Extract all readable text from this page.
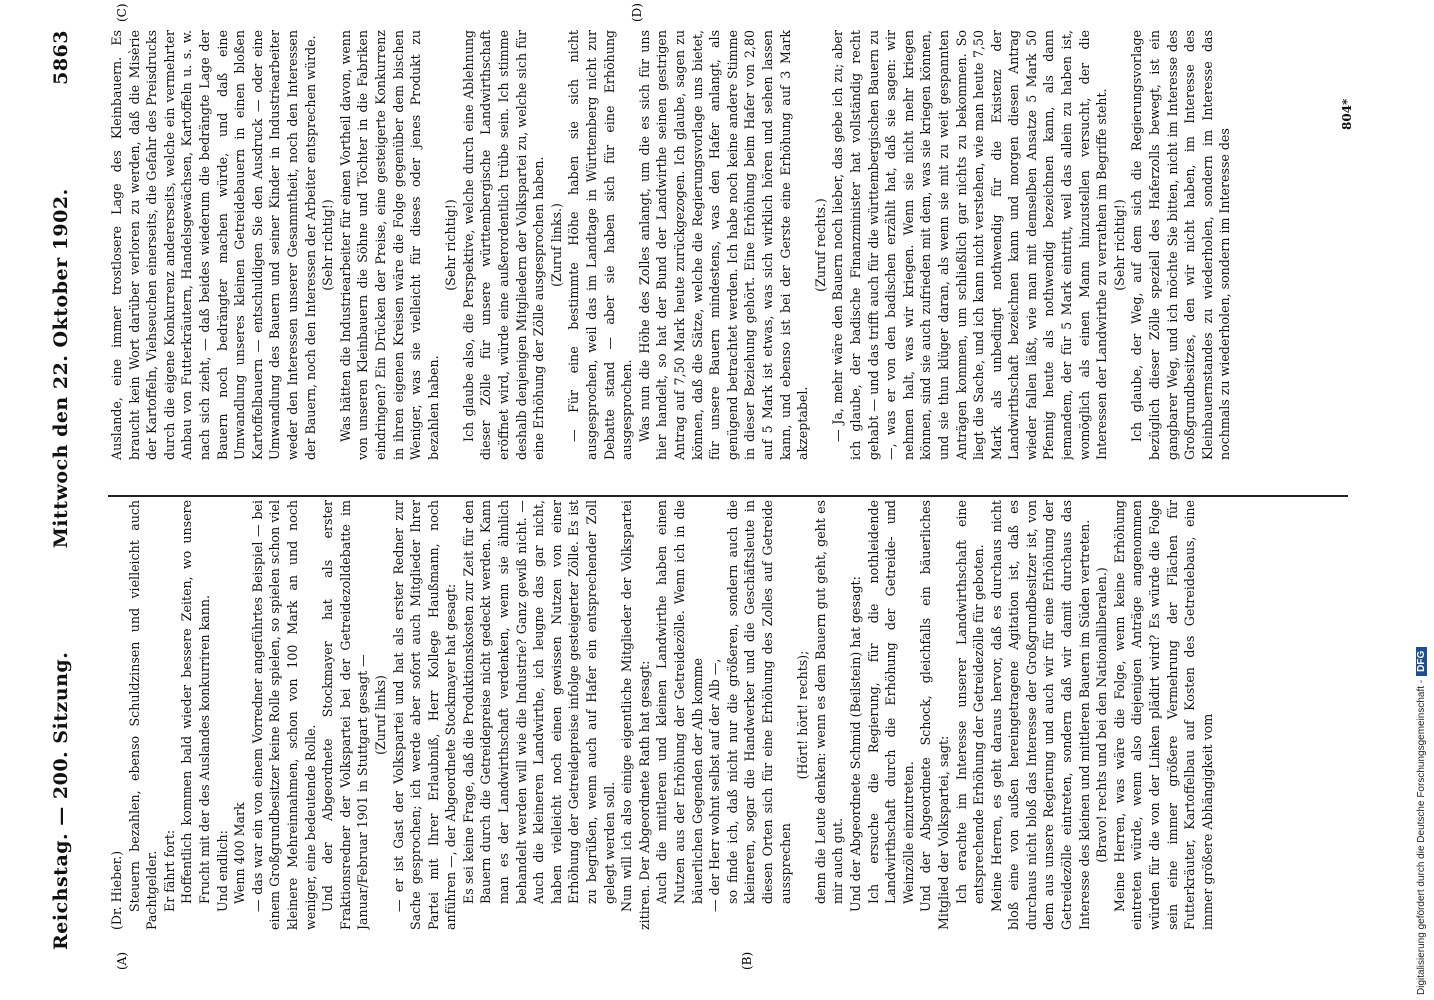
Reichstag. — 200. Sitzung.
Mittwoch den 22. Oktober 1902.
5863
(A)	(B)
(C)	(D)

(Dr. Hieber.) Steuern bezahlen, ebenso Schuldzinsen und vielleicht auch Pachtgelder. Er fährt fort: Hoffentlich kommen bald wieder bessere Zeiten, wo unsere Frucht mit der des Auslandes konkurriren kann. Und endlich: Wenn 400 Mark — das war ein von einem Vorredner angeführtes Beispiel — bei einem Großgrundbesitzer keine Rolle spielen, so spielen schon viel kleinere Mehreinnahmen, schon von 100 Mark an und noch weniger, eine bedeutende Rolle. Und der Abgeordnete Stockmayer hat als erster Fraktionsredner der Volkspartei bei der Getreidezolldebatte im Januar/Februar 1901 in Stuttgart gesagt — (Zuruf links) — er ist Gast der Volkspartei und hat als erster Redner zur Sache gesprochen; ich werde aber sofort auch Mitglieder Ihrer Partei mit Ihrer Erlaubniß, Herr Kollege Haußmann, noch anführen —, der Abgeordnete Stockmayer hat gesagt: Es sei keine Frage, daß die Produktionskosten zur Zeit für den Bauern durch die Getreidepreise nicht gedeckt werden. Kann man es der Landwirthschaft verdenken, wenn sie ähnlich behandelt werden will wie die Industrie? Ganz gewiß nicht. — Auch die kleineren Landwirthe, ich leugne das gar nicht, haben vielleicht noch einen gewissen Nutzen von einer Erhöhung der Getreidepreise infolge gesteigerter Zölle. Es ist zu begrüßen, wenn auch auf Hafer ein entsprechender Zoll gelegt werden soll. Nun will ich also einige eigentliche Mitglieder der Volkspartei zitiren. Der Abgeordnete Rath hat gesagt: Auch die mittleren und kleinen Landwirthe haben einen Nutzen aus der Erhöhung der Getreidezölle. Wenn ich in die bäuerlichen Gegenden der Alb komme — der Herr wohnt selbst auf der Alb —, so finde ich, daß nicht nur die größeren, sondern auch die kleineren, sogar die Handwerker und die Geschäftsleute in diesen Orten sich für eine Erhöhung des Zolles auf Getreide aussprechen

(Hört! hört! rechts); denn die Leute denken: wenn es dem Bauern gut geht, geht es mir auch gut. Und der Abgeordnete Schmid (Beilstein) hat gesagt: Ich ersuche die Regierung, für die nothleidende Landwirthschaft durch die Erhöhung der Getreide- und Weinzölle einzutreten. Und der Abgeordnete Schock, gleichfalls ein bäuerliches Mitglied der Volkspartei, sagt: Ich erachte im Interesse unserer Landwirthschaft eine entsprechende Erhöhung der Getreidezölle für geboten. Meine Herren, es geht daraus hervor, daß es durchaus nicht bloß eine von außen hereingetragene Agitation ist, daß es durchaus nicht bloß das Interesse der Großgrundbesitzer ist, von dem aus unsere Regierung und auch wir für eine Erhöhung der Getreidezölle eintreten, sondern daß wir damit durchaus das Interesse des kleinen und mittleren Bauern im Süden vertreten. (Bravo! rechts und bei den Nationalliberalen.) Meine Herren, was wäre die Folge, wenn keine Erhöhung eintreten würde, wenn also diejenigen Anträge angenommen würden für die von der Linken plädirt wird? Es würde die Folge sein eine immer größere Vermehrung der Flächen für Futterkräuter, Kartoffelbau auf Kosten des Getreidebaus, eine immer größere Abhängigkeit vom

Auslande, eine immer trostlosere Lage des Kleinbauern. Es braucht kein Wort darüber verloren zu werden, daß die Misèrie der Kartoffeln, Viehseuchen einerseits, die Gefahr des Preisdrucks durch die eigene Konkurrenz andererseits, welche ein vermehrter Anbau von Futterkräutern, Handelsgewächsen, Kartoffeln u. s. w. nach sich zieht, — daß beides wiederum die bedrängte Lage der Bauern noch bedrängter machen würde, und daß eine Umwandlung unseres kleinen Getreidebauern in einen bloßen Kartoffelbauern — entschuldigen Sie den Ausdruck — oder eine Umwandlung des Bauern und seiner Kinder in Industriearbeiter weder den Interessen unserer Gesammtheit, noch den Interessen der Bauern, noch den Interessen der Arbeiter entsprechen würde. (Sehr richtig!) Was hätten die Industriearbeiter für einen Vortheil davon, wenn von unseren Kleinbauern die Söhne und Töchter in die Fabriken eindringen? Ein Drücken der Preise, eine gesteigerte Konkurrenz in ihren eigenen Kreisen wäre die Folge gegenüber dem bischen Weniger, was sie vielleicht für dieses oder jenes Produkt zu bezahlen haben.

(Sehr richtig!) Ich glaube also, die Perspektive, welche durch eine Ablehnung dieser Zölle für unsere württembergische Landwirthschaft eröffnet wird, würde eine außerordentlich trübe sein. Ich stimme deshalb denjenigen Mitgliedern der Volkspartei zu, welche sich für eine Erhöhung der Zölle ausgesprochen haben. (Zuruf links.) — Für eine bestimmte Höhe haben sie sich nicht ausgesprochen, weil das im Landtage in Württemberg nicht zur Debatte stand — aber sie haben sich für eine Erhöhung ausgesprochen. Was nun die Höhe des Zolles anlangt, um die es sich für uns hier handelt, so hat der Bund der Landwirthe seinen gestrigen Antrag auf 7,50 Mark heute zurückgezogen. Ich glaube, sagen zu können, daß die Sätze, welche die Regierungsvorlage uns bietet, für unsere Bauern mindestens, was den Hafer anlangt, als genügend betrachtet werden. Ich habe noch keine andere Stimme in dieser Beziehung gehört. Eine Erhöhung beim Hafer von 2,80 auf 5 Mark ist etwas, was sich wirklich hören und sehen lassen kann, und ebenso ist bei der Gerste eine Erhöhung auf 3 Mark akzeptabel.

(Zuruf rechts.) — Ja, mehr wäre den Bauern noch lieber, das gebe ich zu; aber ich glaube, der badische Finanzminister hat vollständig recht gehabt — und das trifft auch für die württembergischen Bauern zu —, was er von den badischen erzählt hat, daß sie sagen: wir nehmen halt, was wir kriegen. Wenn sie nicht mehr kriegen können, sind sie auch zufrieden mit dem, was sie kriegen können, und sie thun klüger daran, als wenn sie mit zu weit gespannten Anträgen kommen, um schließlich gar nichts zu bekommen. So liegt die Sache, und ich kann nicht verstehen, wie man heute 7,50 Mark als unbedingt nothwendig für die Existenz der Landwirthschaft bezeichnen kann und morgen diesen Antrag wieder fallen läßt, wie man mit demselben Ansatze 5 Mark 50 Pfennig heute als nothwendig bezeichnen kann, als dann jemandem, der für 5 Mark eintritt, weil das allein zu haben ist, womöglich als einen Mann hinzustellen versucht, der die Interessen der Landwirthe zu verrathen im Begriffe steht. (Sehr richtig!) Ich glaube, der Weg, auf dem sich die Regierungsvorlage bezüglich dieser Zölle speziell des Haferzolls bewegt, ist ein gangbarer Weg, und ich möchte Sie bitten, nicht im Interesse des Großgrundbesitzes, den wir nicht haben, im Interesse des Kleinbauernstandes zu wiederholen, sondern im Interesse das nochmals zu wiederholen, sondern im Interesse des

804*
Digitalisierung gefördert durch die Deutsche Forschungsgemeinschaft -DFG
